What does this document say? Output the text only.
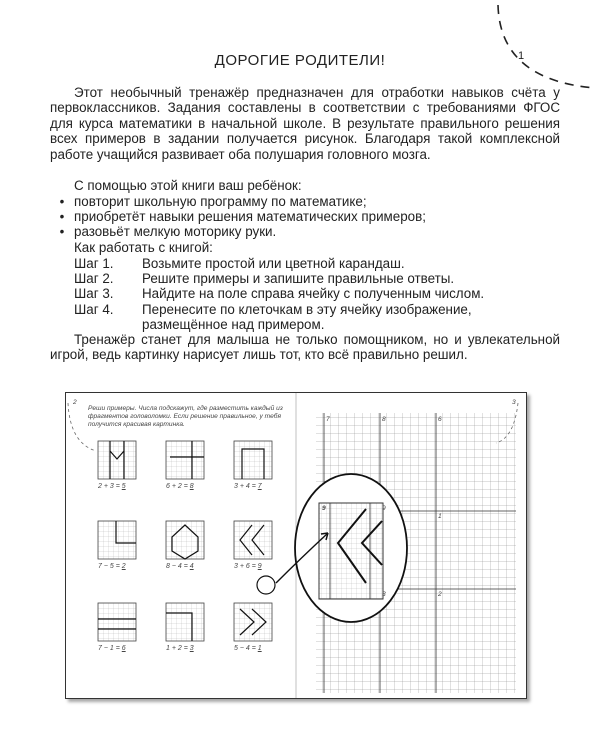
ДОРОГИЕ РОДИТЕЛИ!	1
Этот необычный тренажёр предназначен для отработки навыков счёта у первоклассников. Задания составлены в соответствии с требованиями ФГОС для курса математики в начальной школе. В результате правильного решения всех примеров в задании получается рисунок. Благодаря такой комплексной работе учащийся развивает оба полушария головного мозга.
С помощью этой книги ваш ребёнок:
• повторит школьную программу по математике;
• приобретёт навыки решения математических примеров;
• разовьёт мелкую моторику руки.
Как работать с книгой:
Шаг 1.	Возьмите простой или цветной карандаш.
Шаг 2.	Решите примеры и запишите правильные ответы.
Шаг 3.	Найдите на поле справа ячейку с полученным числом.
Шаг 4.	Перенесите по клеточкам в эту ячейку изображение, размещённое над примером.
Тренажёр станет для малыша не только помощником, но и увлекательной игрой, ведь картинку нарисует лишь тот, кто всё правильно решил.
2
Реши примеры. Числа подскажут, где разместить каждый из фрагментов головоломки. Если решение правильное, у тебя получится красивая картинка.
3
2 + 3 = 5	6 + 2 = 8	3 + 4 = 7
7 − 5 = 2	8 − 4 = 4	3 + 6 = 9
7 − 1 = 6	1 + 2 = 3	5 − 4 = 1
7	8	6
9
1
2
3
9
